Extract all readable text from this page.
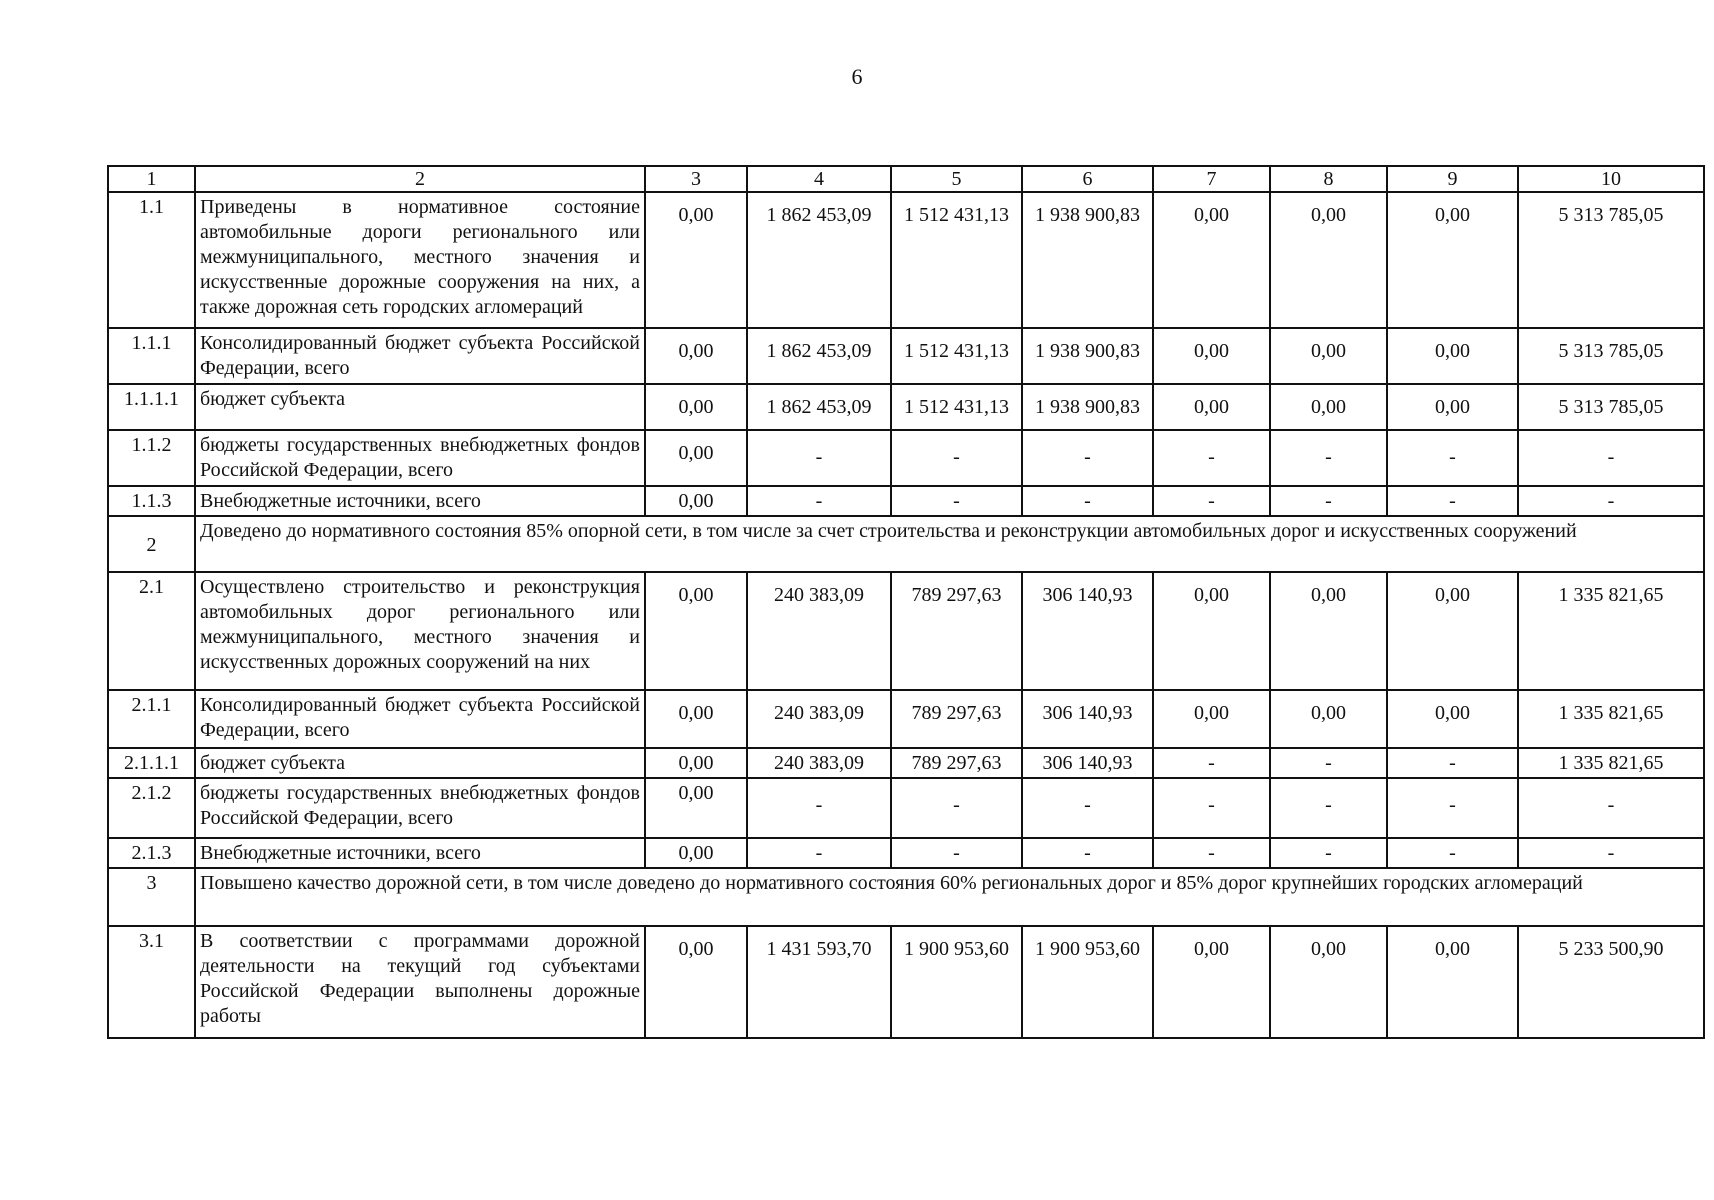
6
1	2	3	4	5	6	7	8	9	10
1.1	Приведены в нормативное состояние автомобильные дороги регионального или межмуниципального, местного значения и искусственные дорожные сооружения на них, а также дорожная сеть городских агломераций	0,00	1 862 453,09	1 512 431,13	1 938 900,83	0,00	0,00	0,00	5 313 785,05
1.1.1	Консолидированный бюджет субъекта Российской Федерации, всего	0,00	1 862 453,09	1 512 431,13	1 938 900,83	0,00	0,00	0,00	5 313 785,05
1.1.1.1	бюджет субъекта	0,00	1 862 453,09	1 512 431,13	1 938 900,83	0,00	0,00	0,00	5 313 785,05
1.1.2	бюджеты государственных внебюджетных фондов Российской Федерации, всего	0,00	-	-	-	-	-	-	-
1.1.3	Внебюджетные источники, всего	0,00	-	-	-	-	-	-	-
2	Доведено до нормативного состояния 85% опорной сети, в том числе за счет строительства и реконструкции автомобильных дорог и искусственных сооружений								
2.1	Осуществлено строительство и реконструкция автомобильных дорог регионального или межмуниципального, местного значения и искусственных дорожных сооружений на них	0,00	240 383,09	789 297,63	306 140,93	0,00	0,00	0,00	1 335 821,65
2.1.1	Консолидированный бюджет субъекта Российской Федерации, всего	0,00	240 383,09	789 297,63	306 140,93	0,00	0,00	0,00	1 335 821,65
2.1.1.1	бюджет субъекта	0,00	240 383,09	789 297,63	306 140,93	-	-	-	1 335 821,65
2.1.2	бюджеты государственных внебюджетных фондов Российской Федерации, всего	0,00	-	-	-	-	-	-	-
2.1.3	Внебюджетные источники, всего	0,00	-	-	-	-	-	-	-
3	Повышено качество дорожной сети, в том числе доведено до нормативного состояния 60% региональных дорог и 85% дорог крупнейших городских агломераций								
3.1	В соответствии с программами дорожной деятельности на текущий год субъектами Российской Федерации выполнены дорожные работы	0,00	1 431 593,70	1 900 953,60	1 900 953,60	0,00	0,00	0,00	5 233 500,90
